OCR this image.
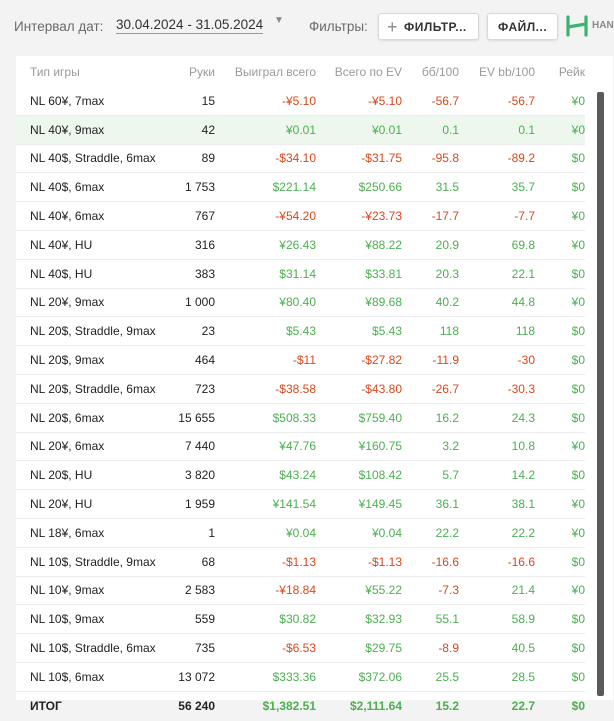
Интервал дат: 30.04.2024 - 31.05.2024 ▼ Фильтры: + ФИЛЬТР...	ФАЙЛ...	HAN
Тип игры	Руки	Выиграл всего	Всего по EV	бб/100	EV bb/100	Рейк
NL 60¥, 7max	15	-¥5.10	-¥5.10	-56.7	-56.7	¥0
NL 40¥, 9max	42	¥0.01	¥0.01	0.1	0.1	¥0
NL 40$, Straddle, 6max	89	-$34.10	-$31.75	-95.8	-89.2	$0
NL 40$, 6max	1 753	$221.14	$250.66	31.5	35.7	$0
NL 40¥, 6max	767	-¥54.20	-¥23.73	-17.7	-7.7	¥0
NL 40¥, HU	316	¥26.43	¥88.22	20.9	69.8	¥0
NL 40$, HU	383	$31.14	$33.81	20.3	22.1	$0
NL 20¥, 9max	1 000	¥80.40	¥89.68	40.2	44.8	¥0
NL 20$, Straddle, 9max	23	$5.43	$5.43	118	118	$0
NL 20$, 9max	464	-$11	-$27.82	-11.9	-30	$0
NL 20$, Straddle, 6max	723	-$38.58	-$43.80	-26.7	-30.3	$0
NL 20$, 6max	15 655	$508.33	$759.40	16.2	24.3	$0
NL 20¥, 6max	7 440	¥47.76	¥160.75	3.2	10.8	¥0
NL 20$, HU	3 820	$43.24	$108.42	5.7	14.2	$0
NL 20¥, HU	1 959	¥141.54	¥149.45	36.1	38.1	¥0
NL 18¥, 6max	1	¥0.04	¥0.04	22.2	22.2	¥0
NL 10$, Straddle, 9max	68	-$1.13	-$1.13	-16.6	-16.6	$0
NL 10¥, 9max	2 583	-¥18.84	¥55.22	-7.3	21.4	¥0
NL 10$, 9max	559	$30.82	$32.93	55.1	58.9	$0
NL 10$, Straddle, 6max	735	-$6.53	$29.75	-8.9	40.5	$0
NL 10$, 6max	13 072	$333.36	$372.06	25.5	28.5	$0
ИТОГ	56 240	$1,382.51	$2,111.64	15.2	22.7	$0
